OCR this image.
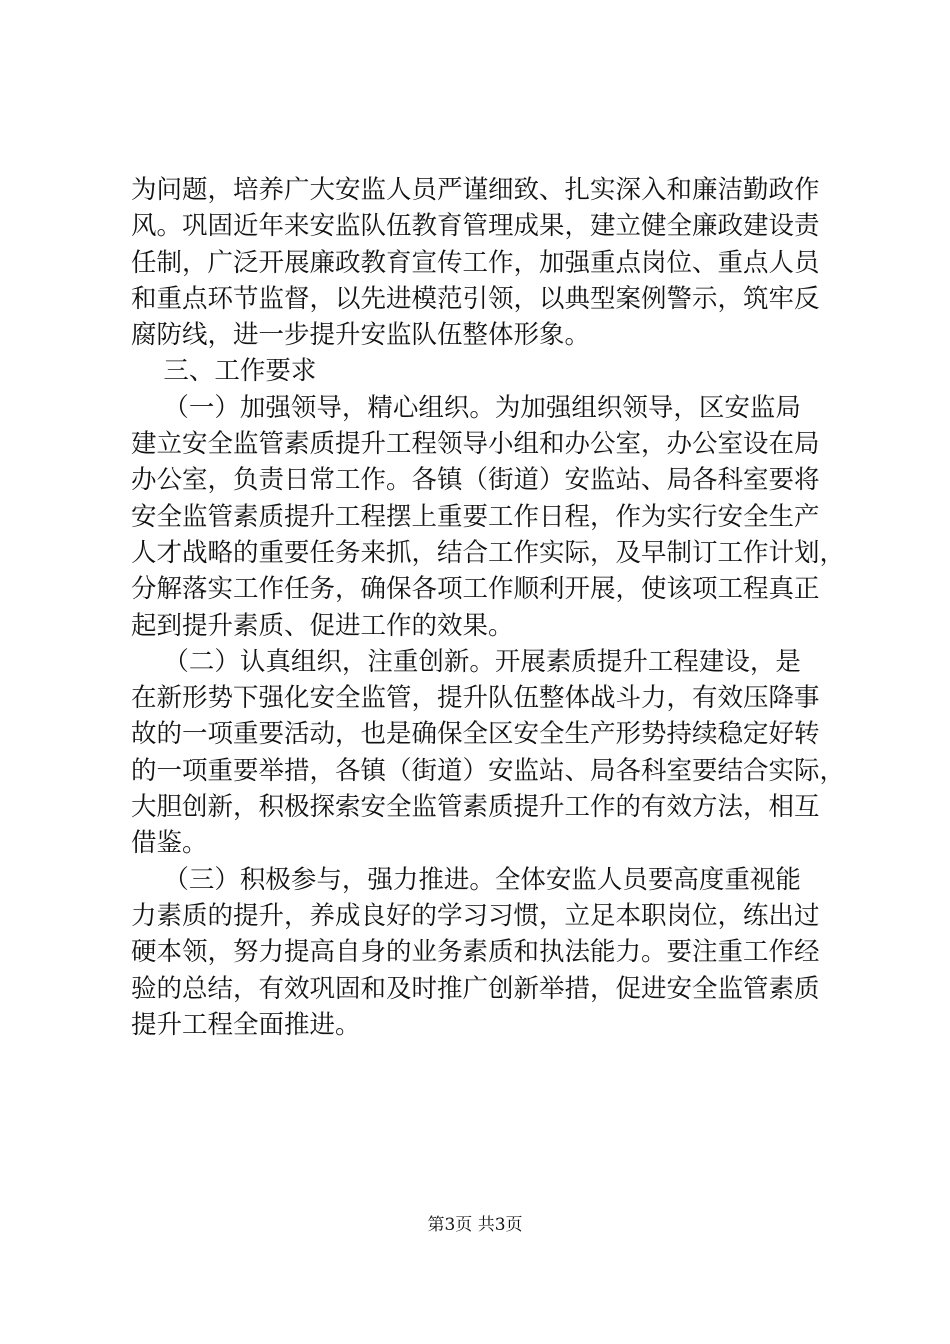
为问题，培养广大安监人员严谨细致、扎实深入和廉洁勤政作
风。巩固近年来安监队伍教育管理成果，建立健全廉政建设责
任制，广泛开展廉政教育宣传工作，加强重点岗位、重点人员
和重点环节监督，以先进模范引领，以典型案例警示，筑牢反
腐防线，进一步提升安监队伍整体形象。
三、工作要求
（一）加强领导，精心组织。为加强组织领导，区安监局
建立安全监管素质提升工程领导小组和办公室，办公室设在局
办公室，负责日常工作。各镇（街道）安监站、局各科室要将
安全监管素质提升工程摆上重要工作日程，作为实行安全生产
人才战略的重要任务来抓，结合工作实际，及早制订工作计划，
分解落实工作任务，确保各项工作顺利开展，使该项工程真正
起到提升素质、促进工作的效果。
（二）认真组织，注重创新。开展素质提升工程建设，是
在新形势下强化安全监管，提升队伍整体战斗力，有效压降事
故的一项重要活动，也是确保全区安全生产形势持续稳定好转
的一项重要举措，各镇（街道）安监站、局各科室要结合实际，
大胆创新，积极探索安全监管素质提升工作的有效方法，相互
借鉴。
（三）积极参与，强力推进。全体安监人员要高度重视能
力素质的提升，养成良好的学习习惯，立足本职岗位，练出过
硬本领，努力提高自身的业务素质和执法能力。要注重工作经
验的总结，有效巩固和及时推广创新举措，促进安全监管素质
提升工程全面推进。
第3页 共3页
